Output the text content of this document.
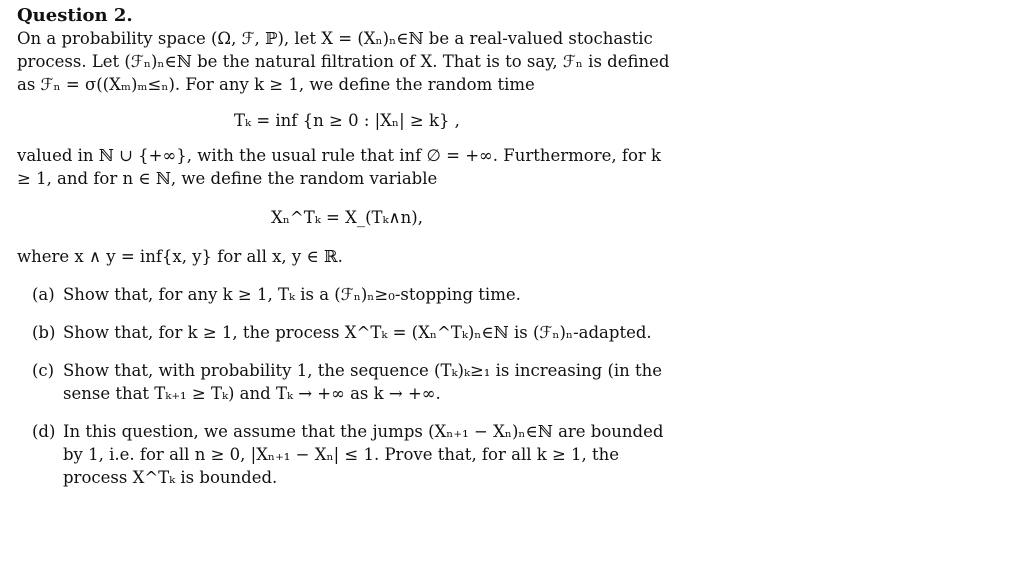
Question 2.

On a probability space (Ω, ℱ, ℙ), let X = (Xₙ)ₙ∈ℕ be a real-valued stochastic process. Let (ℱₙ)ₙ∈ℕ be the natural filtration of X. That is to say, ℱₙ is defined as ℱₙ = σ((Xₘ)ₘ≤ₙ). For any k ≥ 1, we define the random time

Tₖ = inf {n ≥ 0 : |Xₙ| ≥ k} ,

valued in ℕ ∪ {+∞}, with the usual rule that inf ∅ = +∞. Furthermore, for k ≥ 1, and for n ∈ ℕ, we define the random variable

Xₙ^Tₖ = X_(Tₖ∧n),

where x ∧ y = inf{x, y} for all x, y ∈ ℝ.

(a) Show that, for any k ≥ 1, Tₖ is a (ℱₙ)ₙ≥₀-stopping time.
(b) Show that, for k ≥ 1, the process X^Tₖ = (Xₙ^Tₖ)ₙ∈ℕ is (ℱₙ)ₙ-adapted.
(c) Show that, with probability 1, the sequence (Tₖ)ₖ≥₁ is increasing (in the sense that Tₖ₊₁ ≥ Tₖ) and Tₖ → +∞ as k → +∞.
(d) In this question, we assume that the jumps (Xₙ₊₁ − Xₙ)ₙ∈ℕ are bounded by 1, i.e. for all n ≥ 0, |Xₙ₊₁ − Xₙ| ≤ 1. Prove that, for all k ≥ 1, the process X^Tₖ is bounded.
